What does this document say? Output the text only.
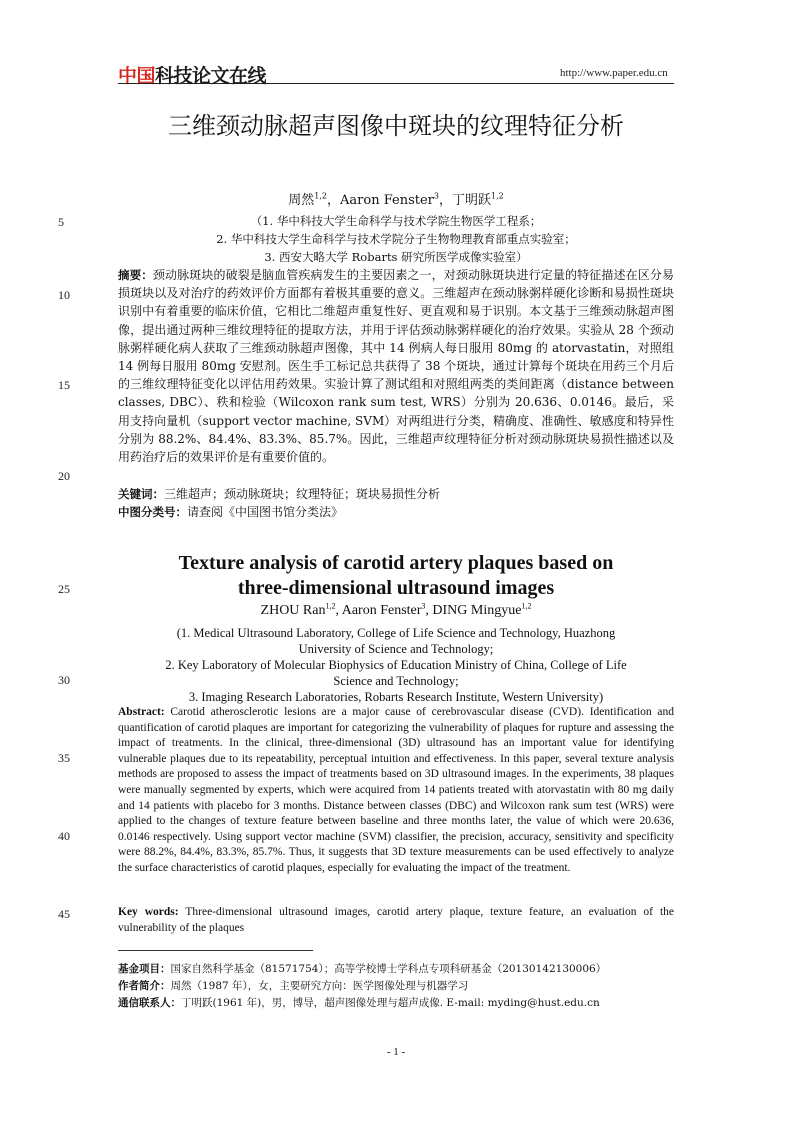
中国科技论文在线	http://www.paper.edu.cn
5
10
15
20
25
30
35
40
45
三维颈动脉超声图像中斑块的纹理特征分析
周然$^{1,2}$，Aaron Fenster$^3$，丁明跃$^{1,2}$
（1. 华中科技大学生命科学与技术学院生物医学工程系；
2. 华中科技大学生命科学与技术学院分子生物物理教育部重点实验室；
3. 西安大略大学 Robarts 研究所医学成像实验室）
摘要：颈动脉斑块的破裂是脑血管疾病发生的主要因素之一，对颈动脉斑块进行定量的特征描述在区分易损斑块以及对治疗的药效评价方面都有着极其重要的意义。三维超声在颈动脉粥样硬化诊断和易损性斑块识别中有着重要的临床价值，它相比二维超声重复性好、更直观和易于识别。本文基于三维颈动脉超声图像，提出通过两种三维纹理特征的提取方法，并用于评估颈动脉粥样硬化的治疗效果。实验从 28 个颈动脉粥样硬化病人获取了三维颈动脉超声图像，其中 14 例病人每日服用 80mg 的 atorvastatin，对照组 14 例每日服用 80mg 安慰剂。医生手工标记总共获得了 38 个斑块，通过计算每个斑块在用药三个月后的三维纹理特征变化以评估用药效果。实验计算了测试组和对照组两类的类间距离（distance between classes, DBC）、秩和检验（Wilcoxon rank sum test, WRS）分别为 20.636、0.0146。最后，采用支持向量机（support vector machine, SVM）对两组进行分类，精确度、准确性、敏感度和特异性分别为 88.2%、84.4%、83.3%、85.7%。因此，三维超声纹理特征分析对颈动脉斑块易损性描述以及用药治疗后的效果评价是有重要价值的。
关键词：三维超声；颈动脉斑块；纹理特征；斑块易损性分析
中图分类号：请查阅《中国图书馆分类法》
Texture analysis of carotid artery plaques based on
three-dimensional ultrasound images
ZHOU Ran$^{1,2}$, Aaron Fenster$^3$, DING Mingyue$^{1,2}$
(1. Medical Ultrasound Laboratory, College of Life Science and Technology, Huazhong
University of Science and Technology;
2. Key Laboratory of Molecular Biophysics of Education Ministry of China, College of Life
Science and Technology;
3. Imaging Research Laboratories, Robarts Research Institute, Western University)
Abstract: Carotid atherosclerotic lesions are a major cause of cerebrovascular disease (CVD). Identification and quantification of carotid plaques are important for categorizing the vulnerability of plaques for rupture and assessing the impact of treatments. In the clinical, three-dimensional (3D) ultrasound has an important value for identifying vulnerable plaques due to its repeatability, perceptual intuition and effectiveness. In this paper, several texture analysis methods are proposed to assess the impact of treatments based on 3D ultrasound images. In the experiments, 38 plaques were manually segmented by experts, which were acquired from 14 patients treated with atorvastatin with 80 mg daily and 14 patients with placebo for 3 months. Distance between classes (DBC) and Wilcoxon rank sum test (WRS) were applied to the changes of texture feature between baseline and three months later, the value of which were 20.636, 0.0146 respectively. Using support vector machine (SVM) classifier, the precision, accuracy, sensitivity and specificity were 88.2%, 84.4%, 83.3%, 85.7%. Thus, it suggests that 3D texture measurements can be used effectively to analyze the surface characteristics of carotid plaques, especially for evaluating the impact of the treatment.
Key words: Three-dimensional ultrasound images, carotid artery plaque, texture feature, an evaluation of the vulnerability of the plaques
基金项目：国家自然科学基金（81571754）；高等学校博士学科点专项科研基金（20130142130006）
作者简介：周然（1987 年），女，主要研究方向：医学图像处理与机器学习
通信联系人：丁明跃(1961 年)，男，博导，超声图像处理与超声成像. E-mail: myding@hust.edu.cn
- 1 -
